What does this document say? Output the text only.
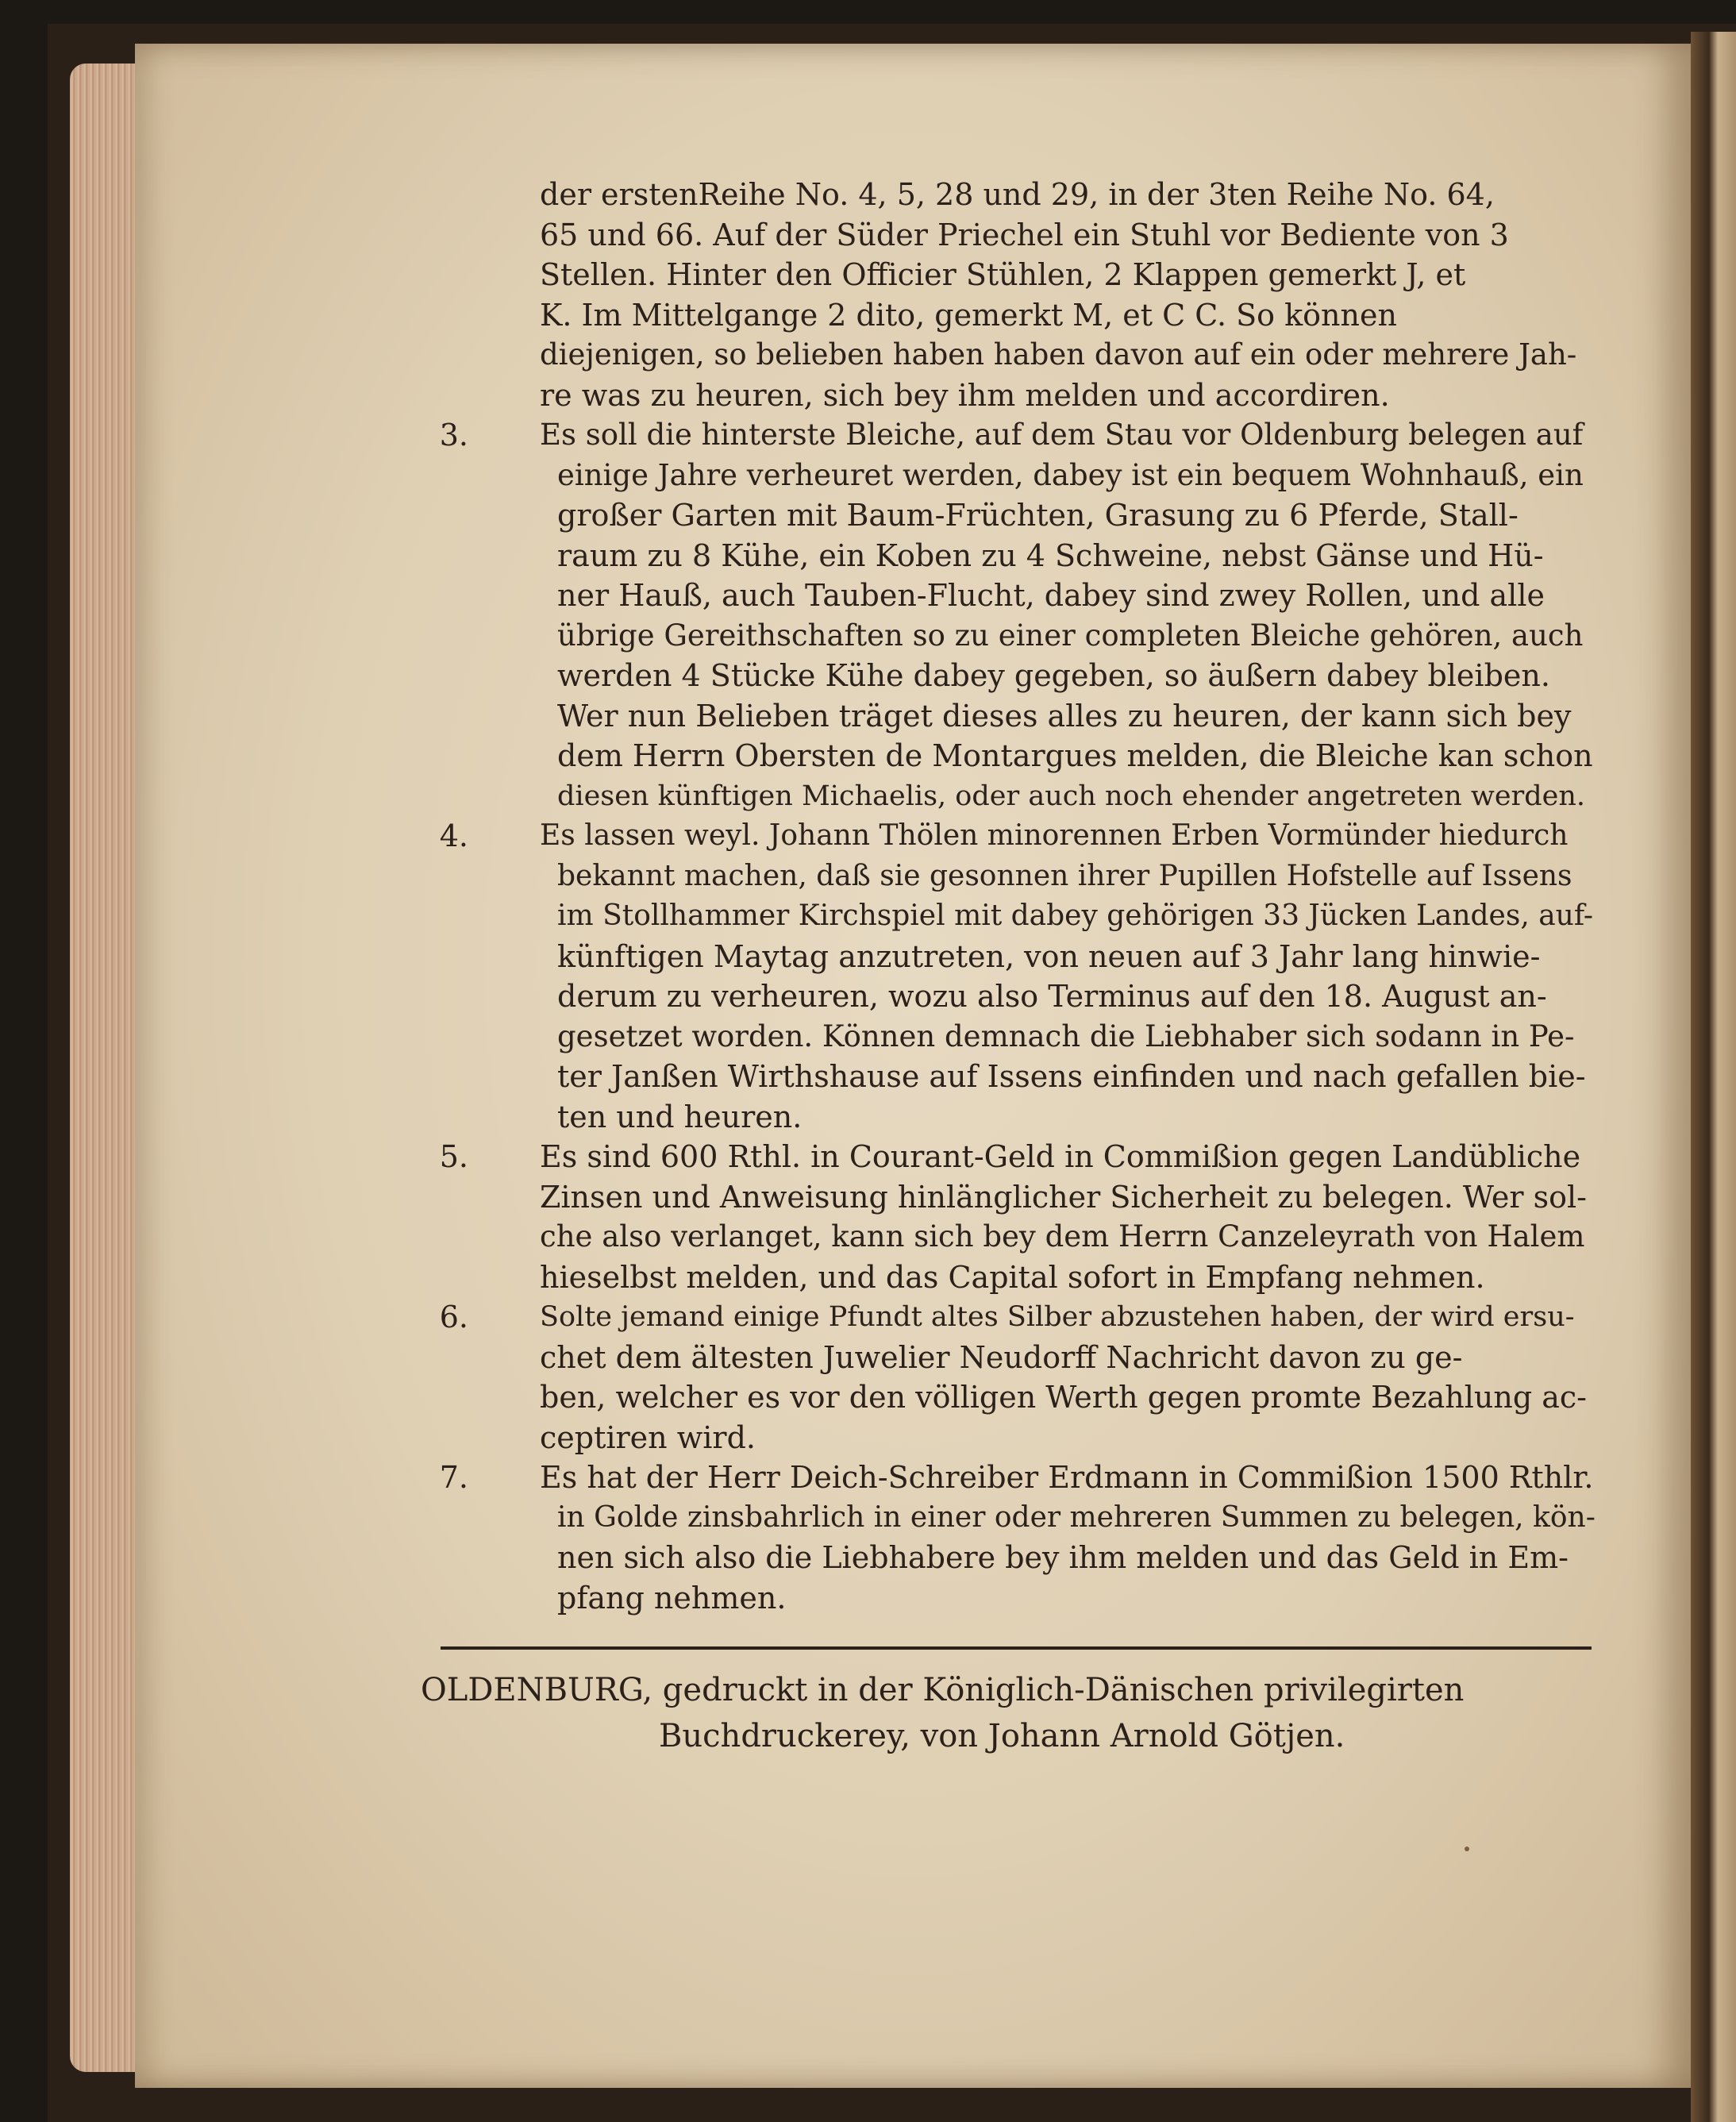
der erstenReihe No. 4, 5, 28 und 29, in der 3ten Reihe No. 64,
65 und 66. Auf der Süder Priechel ein Stuhl vor Bediente von 3
Stellen. Hinter den Officier Stühlen, 2 Klappen gemerkt J, et
K. Im Mittelgange 2 dito, gemerkt M, et C C. So können
diejenigen, so belieben haben haben davon auf ein oder mehrere Jah-
re was zu heuren, sich bey ihm melden und accordiren.
3. Es soll die hinterste Bleiche, auf dem Stau vor Oldenburg belegen auf
einige Jahre verheuret werden, dabey ist ein bequem Wohnhauß, ein
großer Garten mit Baum-Früchten, Grasung zu 6 Pferde, Stall-
raum zu 8 Kühe, ein Koben zu 4 Schweine, nebst Gänse und Hü-
ner Hauß, auch Tauben-Flucht, dabey sind zwey Rollen, und alle
übrige Gereithschaften so zu einer completen Bleiche gehören, auch
werden 4 Stücke Kühe dabey gegeben, so äußern dabey bleiben.
Wer nun Belieben träget dieses alles zu heuren, der kann sich bey
dem Herrn Obersten de Montargues melden, die Bleiche kan schon
diesen künftigen Michaelis, oder auch noch ehender angetreten werden.
4.	Es lassen weyl. Johann Thölen minorennen Erben Vormünder hiedurch
bekannt machen, daß sie gesonnen ihrer Pupillen Hofstelle auf Issens
im Stollhammer Kirchspiel mit dabey gehörigen 33 Jücken Landes, auf-
künftigen Maytag anzutreten, von neuen auf 3 Jahr lang hinwie-
derum zu verheuren, wozu also Terminus auf den 18. August an-
gesetzet worden. Können demnach die Liebhaber sich sodann in Pe-
ter Janßen Wirthshause auf Issens einfinden und nach gefallen bie-
ten und heuren.
5. Es sind 600 Rthl. in Courant-Geld in Commißion gegen Landübliche
Zinsen und Anweisung hinlänglicher Sicherheit zu belegen. Wer sol-
che also verlanget, kann sich bey dem Herrn Canzeleyrath von Halem
hieselbst melden, und das Capital sofort in Empfang nehmen.
6.	Solte jemand einige Pfundt altes Silber abzustehen haben, der wird ersu-
chet dem ältesten Juwelier Neudorff Nachricht davon zu ge-
ben, welcher es vor den völligen Werth gegen promte Bezahlung ac-
ceptiren wird.
7. Es hat der Herr Deich-Schreiber Erdmann in Commißion 1500 Rthlr.
in Golde zinsbahrlich in einer oder mehreren Summen zu belegen, kön-
nen sich also die Liebhabere bey ihm melden und das Geld in Em-
pfang nehmen.
OLDENBURG, gedruckt in der Königlich-Dänischen privilegirten
Buchdruckerey, von Johann Arnold Götjen.
